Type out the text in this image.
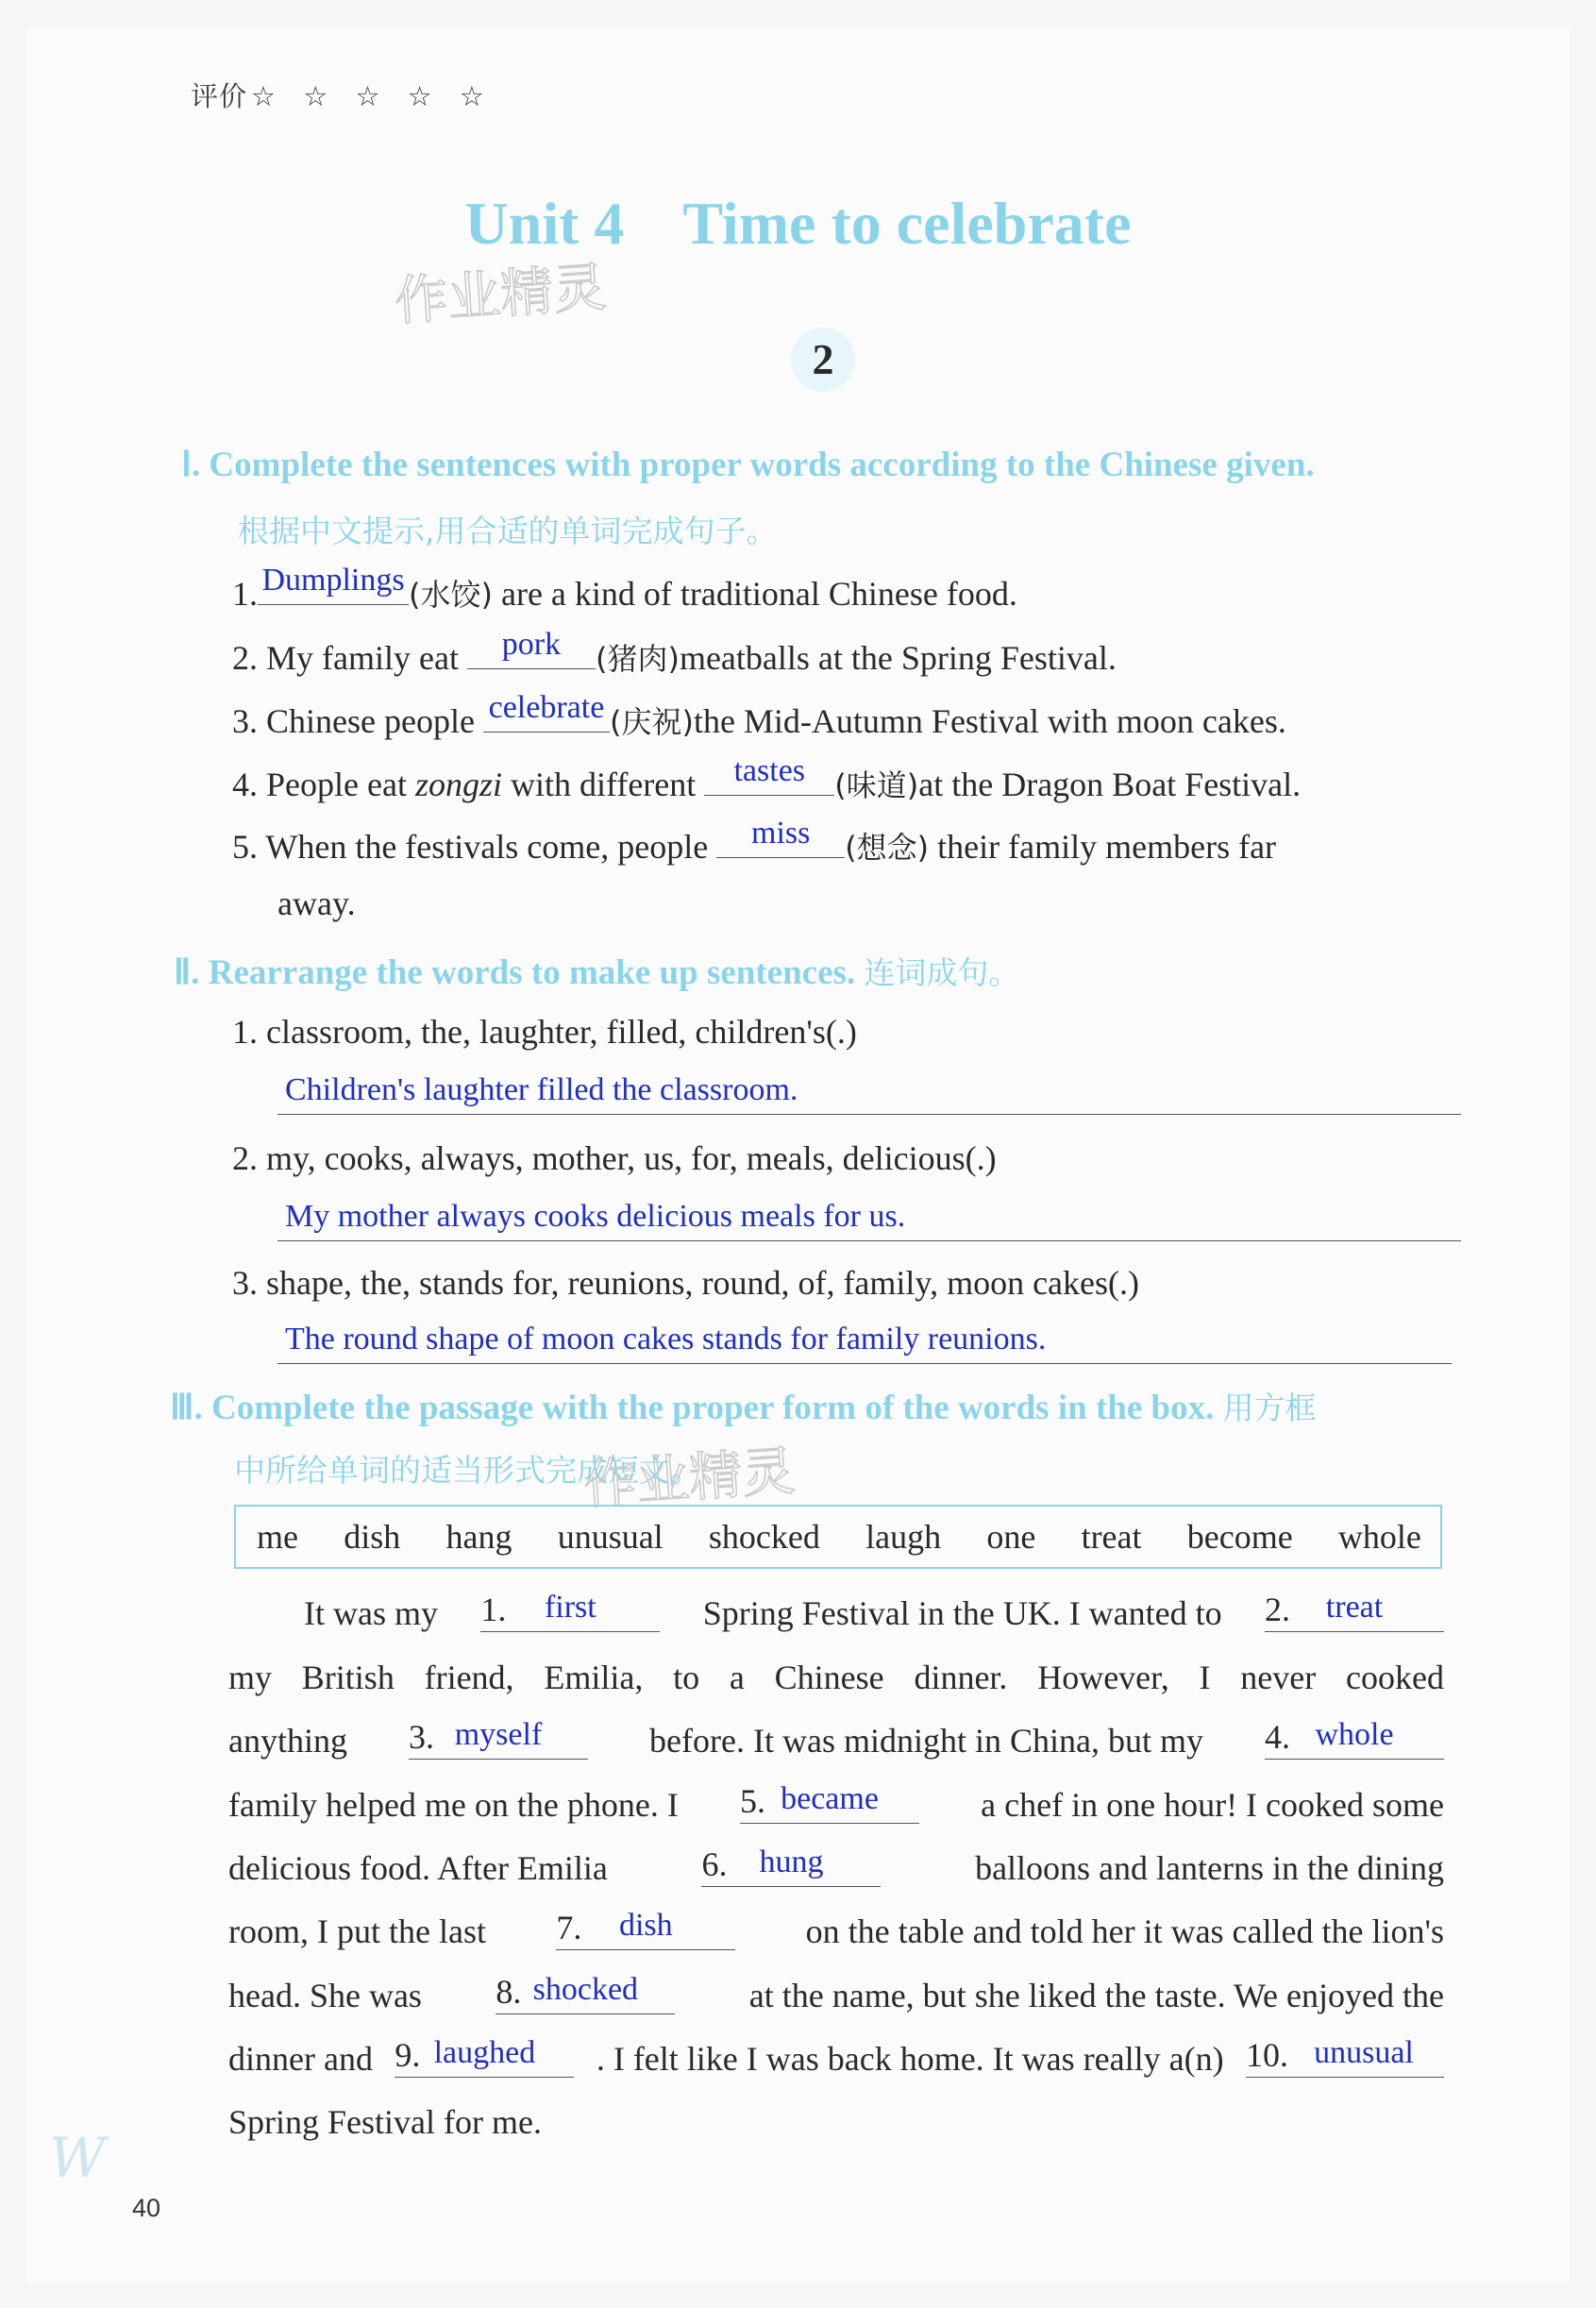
评价 ☆ ☆ ☆ ☆ ☆
Unit 4 Time to celebrate
作业精灵
2
Ⅰ. Complete the sentences with proper words according to the Chinese given.
根据中文提示,用合适的单词完成句子。
1. Dumplings (水饺) are a kind of traditional Chinese food.
2. My family eat	pork	(猪肉)meatballs at the Spring Festival.
3. Chinese people celebrate (庆祝)the Mid-Autumn Festival with moon cakes.
4. People eat zongzi with different	tastes (味道)at the Dragon Boat Festival.
5. When the festivals come, people	miss	(想念) their family members far
away.
Ⅱ. Rearrange the words to make up sentences. 连词成句。
1. classroom, the, laughter, filled, children's(.)
Children's laughter filled the classroom.
2. my, cooks, always, mother, us, for, meals, delicious(.)
My mother always cooks delicious meals for us.
3. shape, the, stands for, reunions, round, of, family, moon cakes(.)
The round shape of moon cakes stands for family reunions.
Ⅲ. Complete the passage with the proper form of the words in the box. 用方框
中所给单词的适当形式完成短文。
作业精灵
me dish hang unusual shocked laugh one treat become whole
It was my 1.	first	Spring Festival in the UK. I wanted to 2.	treat
my British friend, Emilia, to a Chinese dinner. However, I never cooked
anything 3. myself	before. It was midnight in China, but my 4. whole
family helped me on the phone. I 5. became	a chef in one hour! I cooked some
delicious food. After Emilia	6.	hung	balloons and lanterns in the dining
room, I put the last 7.	dish	on the table and told her it was called the lion's
head. She was 8. shocked	at the name, but she liked the taste. We enjoyed the
dinner and 9. laughed	. I felt like I was back home. It was really a(n) 10. unusual
Spring Festival for me.
W
40
